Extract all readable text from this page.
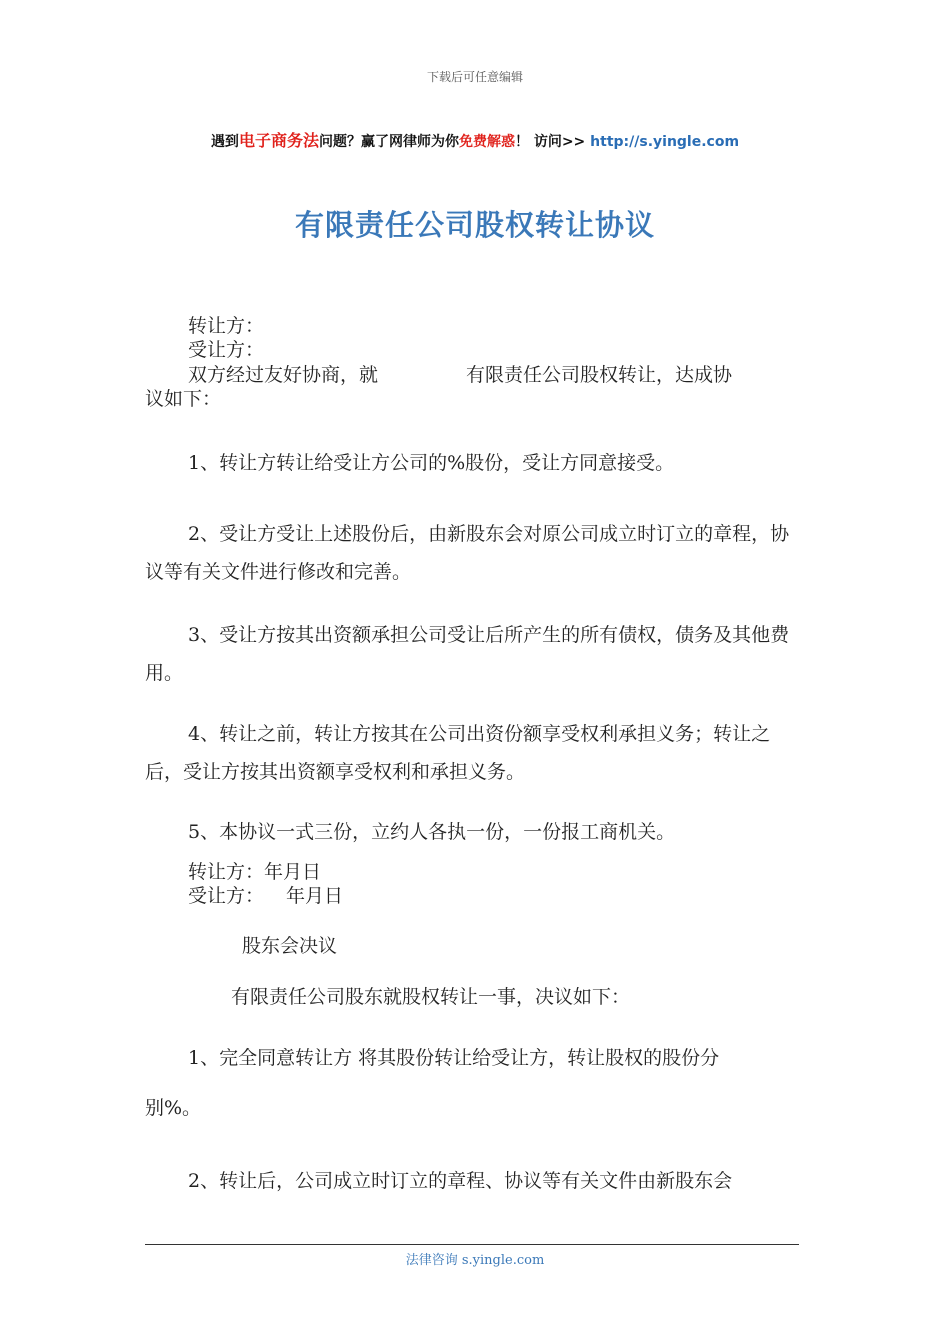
下载后可任意编辑
遇到电子商务法问题？赢了网律师为你免费解惑！ 访问>> http://s.yingle.com
有限责任公司股权转让协议
转让方：
受让方：
双方经过友好协商，就	有限责任公司股权转让，达成协
议如下：
1、转让方转让给受让方公司的%股份，受让方同意接受。
2、受让方受让上述股份后，由新股东会对原公司成立时订立的章程，协议等有关文件进行修改和完善。
3、受让方按其出资额承担公司受让后所产生的所有债权，债务及其他费用。
4、转让之前，转让方按其在公司出资份额享受权利承担义务；转让之后，受让方按其出资额享受权利和承担义务。
5、本协议一式三份，立约人各执一份，一份报工商机关。
转让方：年月日
受让方： 年月日
股东会决议
有限责任公司股东就股权转让一事，决议如下：
1、完全同意转让方 将其股份转让给受让方，转让股权的股份分
别%。
2、转让后，公司成立时订立的章程、协议等有关文件由新股东会
法律咨询 s.yingle.com
